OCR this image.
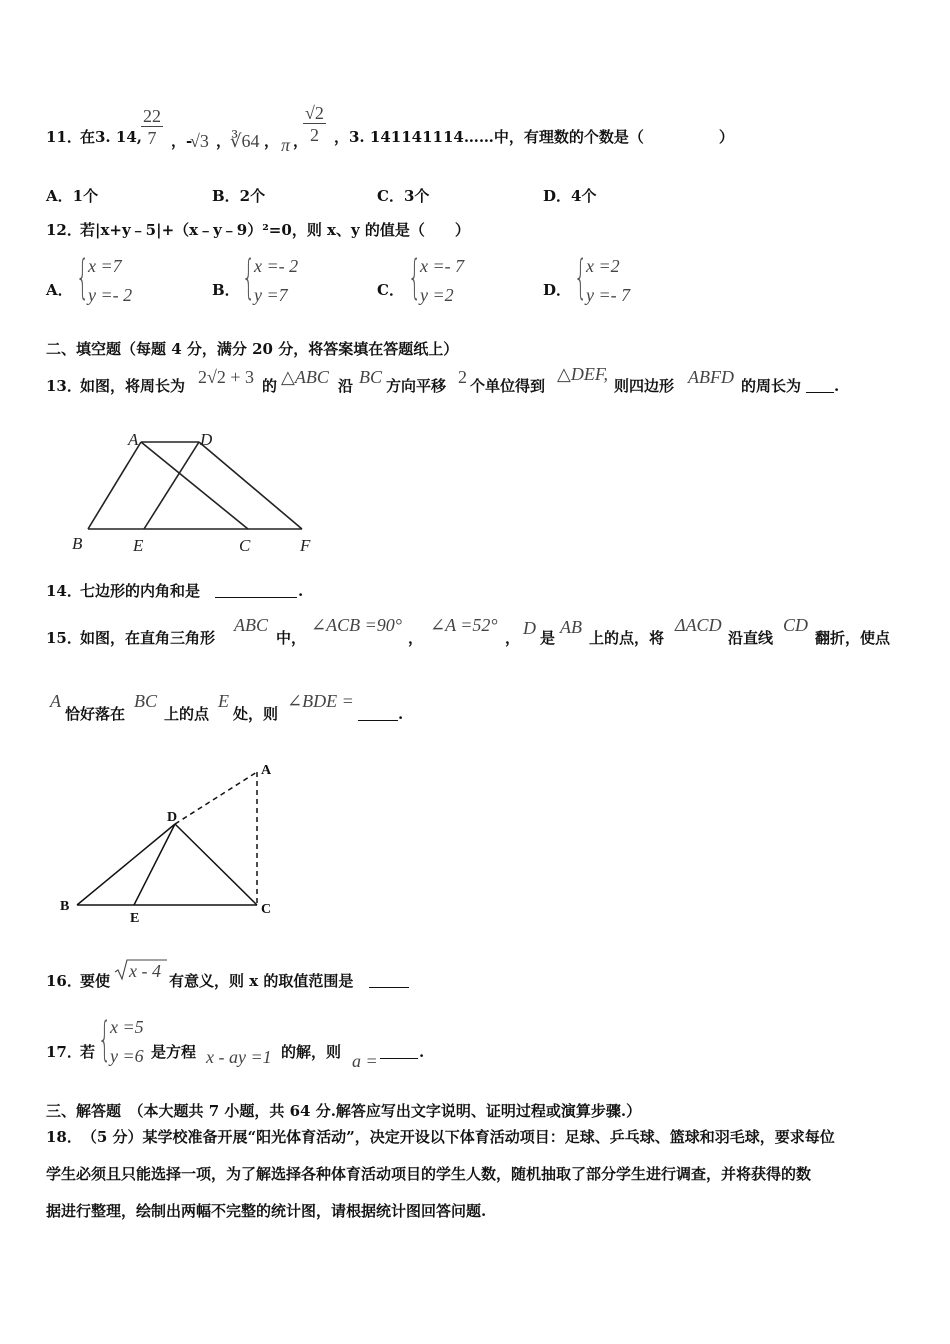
11．
在3. 14, $\frac{22}{7}$ ，-
√3 ，
∛64 ， π ，
$\frac{√2}{2}$ ，3. 141141114……中，有理数的个数是（　　　　　）
A．1个	B．2个	C．3个	D．4个
12．
若|x+y﹣5|+（x﹣y﹣9）²=0，则 x、y 的值是（　　）
A． {
x =7
y =- 2	B． {
x =- 2
y =7	C． {
x =- 7
y =2	D． {
x =2
y =- 7
二、填空题（每题 4 分，满分 20 分，将答案填在答题纸上）
13．
如图，将周长为 2√2 + 3 的 △ABC 沿 BC 方向平移 2 个单位得到
△DEF,
则四边形 ABFD 的周长为 .
A	D
B	E	C	F
14．
七边形的内角和是	.
15．
如图，在直角三角形
ABC
中，
∠ACB =90°
，
∠A =52°
， D 是
AB
上的点，将
ΔACD
沿直线
CD
翻折，使点
A
恰好落在
BC
上的点
E
处，则
∠BDE =
.
A
D
B
E
C
16．
要使 x - 4 有意义，则 x 的取值范围是
17．
若 {
x =5
y =6 是方程 x - ay =1 的解，则 a =	.
三、解答题　（本大题共 7 小题，共 64 分.解答应写出文字说明、证明过程或演算步骤.）
18．　（5 分）某学校准备开展“阳光体育活动”，决定开设以下体育活动项目：足球、乒乓球、篮球和羽毛球，要求每位
学生必须且只能选择一项，为了解选择各种体育活动项目的学生人数，随机抽取了部分学生进行调查，并将获得的数
据进行整理，绘制出两幅不完整的统计图，请根据统计图回答问题.
